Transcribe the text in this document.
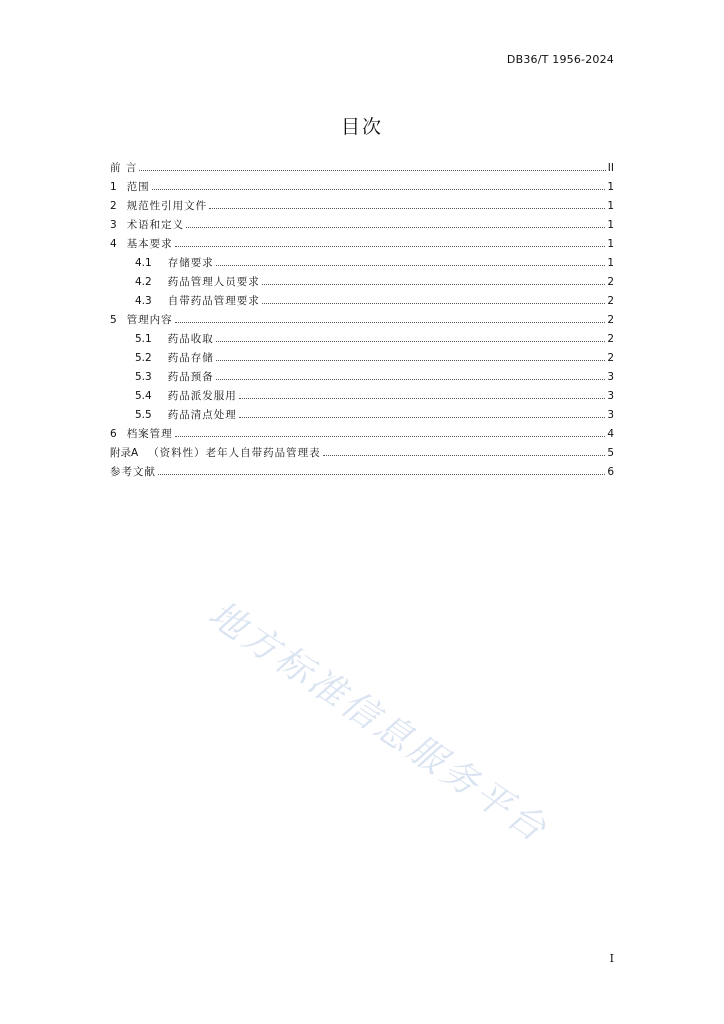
DB36/T 1956-2024
目次
前 言	II
1 范围	1
2 规范性引用文件	1
3 术语和定义	1
4 基本要求	1
4.1 存储要求	1
4.2 药品管理人员要求	2
4.3 自带药品管理要求	2
5 管理内容	2
5.1 药品收取	2
5.2 药品存储	2
5.3 药品预备	3
5.4 药品派发服用	3
5.5 药品清点处理	3
6 档案管理	4
附录A （资料性）老年人自带药品管理表	5
参考文献	6
地方标准信息服务平台
I
